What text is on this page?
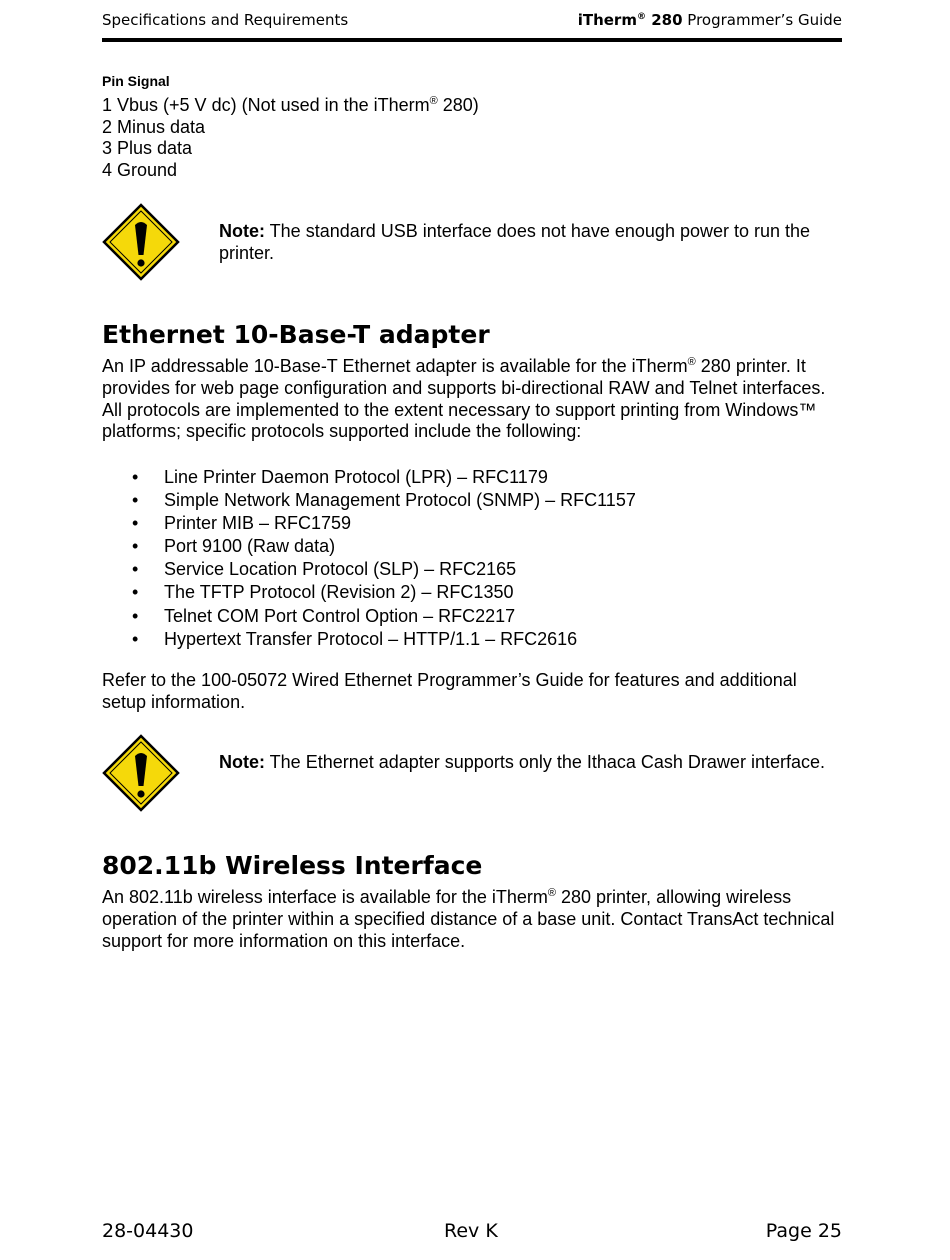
Specifications and Requirements	iTherm® 280 Programmer’s Guide
Pin Signal
1 Vbus (+5 V dc) (Not used in the iTherm® 280)
2 Minus data
3 Plus data
4 Ground
Note: The standard USB interface does not have enough power to run the printer.
Ethernet 10-Base-T adapter
An IP addressable 10-Base-T Ethernet adapter is available for the iTherm® 280 printer. It provides for web page configuration and supports bi-directional RAW and Telnet interfaces. All protocols are implemented to the extent necessary to support printing from Windows™ platforms; specific protocols supported include the following:
• Line Printer Daemon Protocol (LPR) – RFC1179
• Simple Network Management Protocol (SNMP) – RFC1157
• Printer MIB – RFC1759
• Port 9100 (Raw data)
• Service Location Protocol (SLP) – RFC2165
• The TFTP Protocol (Revision 2) – RFC1350
• Telnet COM Port Control Option – RFC2217
• Hypertext Transfer Protocol – HTTP/1.1 – RFC2616
Refer to the 100-05072 Wired Ethernet Programmer’s Guide for features and additional setup information.
Note: The Ethernet adapter supports only the Ithaca Cash Drawer interface.
802.11b Wireless Interface
An 802.11b wireless interface is available for the iTherm® 280 printer, allowing wireless operation of the printer within a specified distance of a base unit. Contact TransAct technical support for more information on this interface.
28-04430	Rev K	Page 25
